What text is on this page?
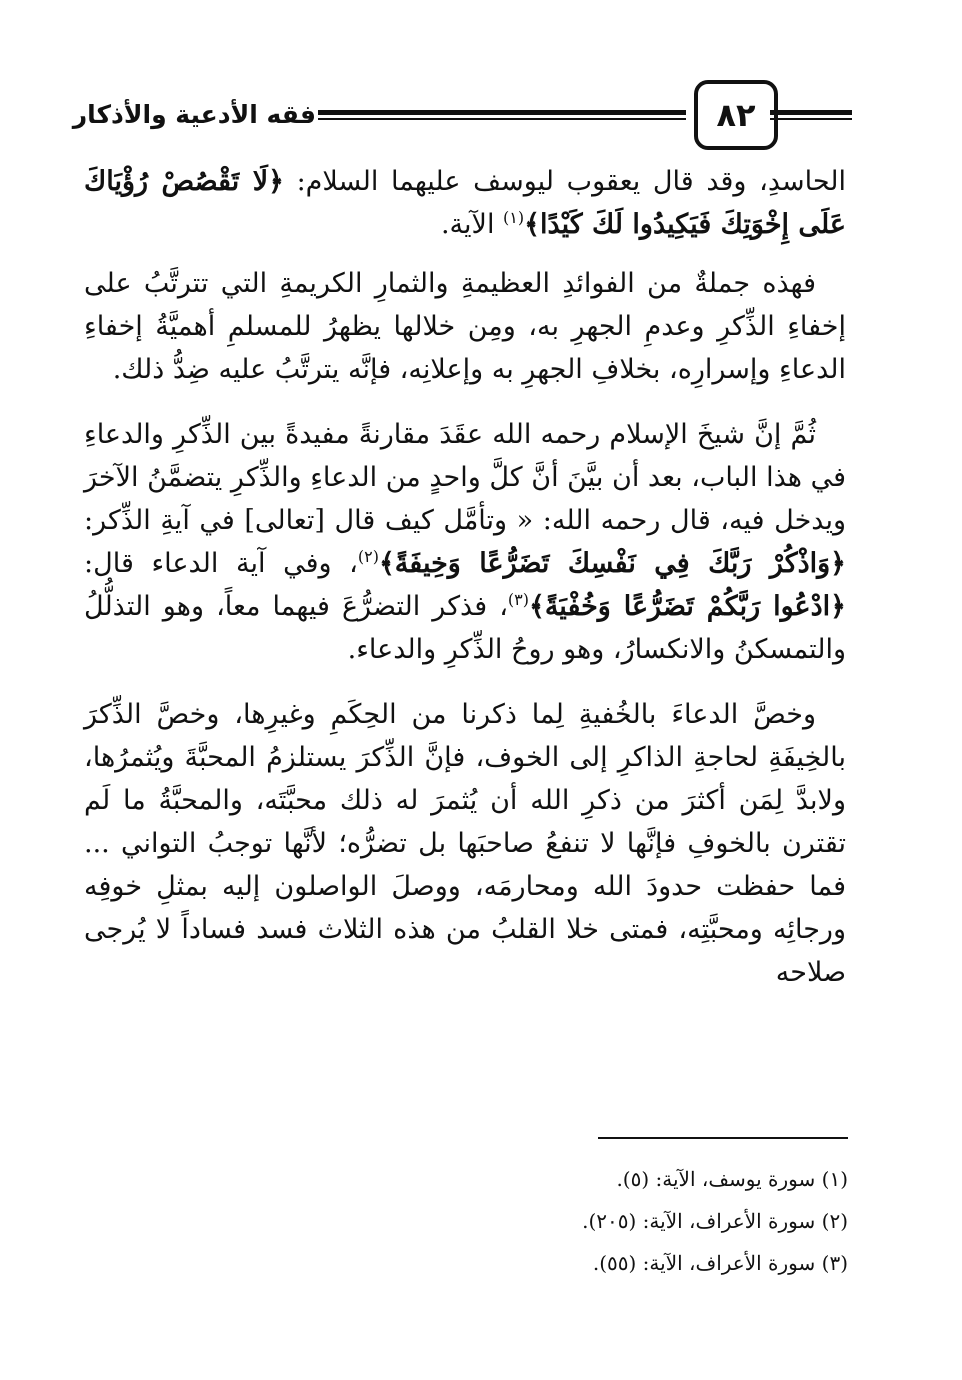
فقه الأدعية والأذكار	٨٢

الحاسدِ، وقد قال يعقوب ليوسف عليهما السلام: ﴿لَا تَقْصُصْ رُؤْيَاكَ عَلَى إِخْوَتِكَ فَيَكِيدُوا لَكَ كَيْدًا﴾$^{(١)}$ الآية.

فهذه جملةٌ من الفوائدِ العظيمةِ والثمارِ الكريمةِ التي تترتَّبُ على إخفاءِ الذِّكرِ وعدمِ الجهرِ به، ومِن خلالها يظهرُ للمسلمِ أهميَّةُ إخفاءِ الدعاءِ وإسرارِه، بخلافِ الجهرِ به وإعلانِه، فإنَّه يترتَّبُ عليه ضِدُّ ذلك.

ثُمَّ إنَّ شيخَ الإسلام رحمه الله عقَدَ مقارنةً مفيدةً بين الذِّكرِ والدعاءِ في هذا الباب، بعد أن بيَّنَ أنَّ كلَّ واحدٍ من الدعاءِ والذِّكرِ يتضمَّنُ الآخرَ ويدخل فيه، قال رحمه الله: « وتأمَّل كيف قال [تعالى] في آيةِ الذِّكر: ﴿وَاذْكُرْ رَبَّكَ فِي نَفْسِكَ تَضَرُّعًا وَخِيفَةً﴾$^{(٢)}$، وفي آية الدعاء قال: ﴿ادْعُوا رَبَّكُمْ تَضَرُّعًا وَخُفْيَةً﴾$^{(٣)}$، فذكر التضرُّعَ فيهما معاً، وهو التذلُّلُ والتمسكنُ والانكسارُ، وهو روحُ الذِّكرِ والدعاء.

وخصَّ الدعاءَ بالخُفيةِ لِما ذكرنا من الحِكَمِ وغيرِها، وخصَّ الذِّكرَ بالخِيفَةِ لحاجةِ الذاكرِ إلى الخوف، فإنَّ الذِّكرَ يستلزمُ المحبَّةَ ويُثمرُها، ولابدَّ لِمَن أكثرَ من ذكرِ الله أن يُثمرَ له ذلك محبَّتَه، والمحبَّةُ ما لَم تقترن بالخوفِ فإنَّها لا تنفعُ صاحبَها بل تضرُّه؛ لأنَّها توجبُ التواني ... فما حفظت حدودَ الله ومحارمَه، ووصلَ الواصلون إليه بمثلِ خوفِه ورجائِه ومحبَّتِه، فمتى خلا القلبُ من هذه الثلاث فسد فساداً لا يُرجى صلاحه

(١) سورة يوسف، الآية: (٥).
(٢) سورة الأعراف، الآية: (٢٠٥).
(٣) سورة الأعراف، الآية: (٥٥).
